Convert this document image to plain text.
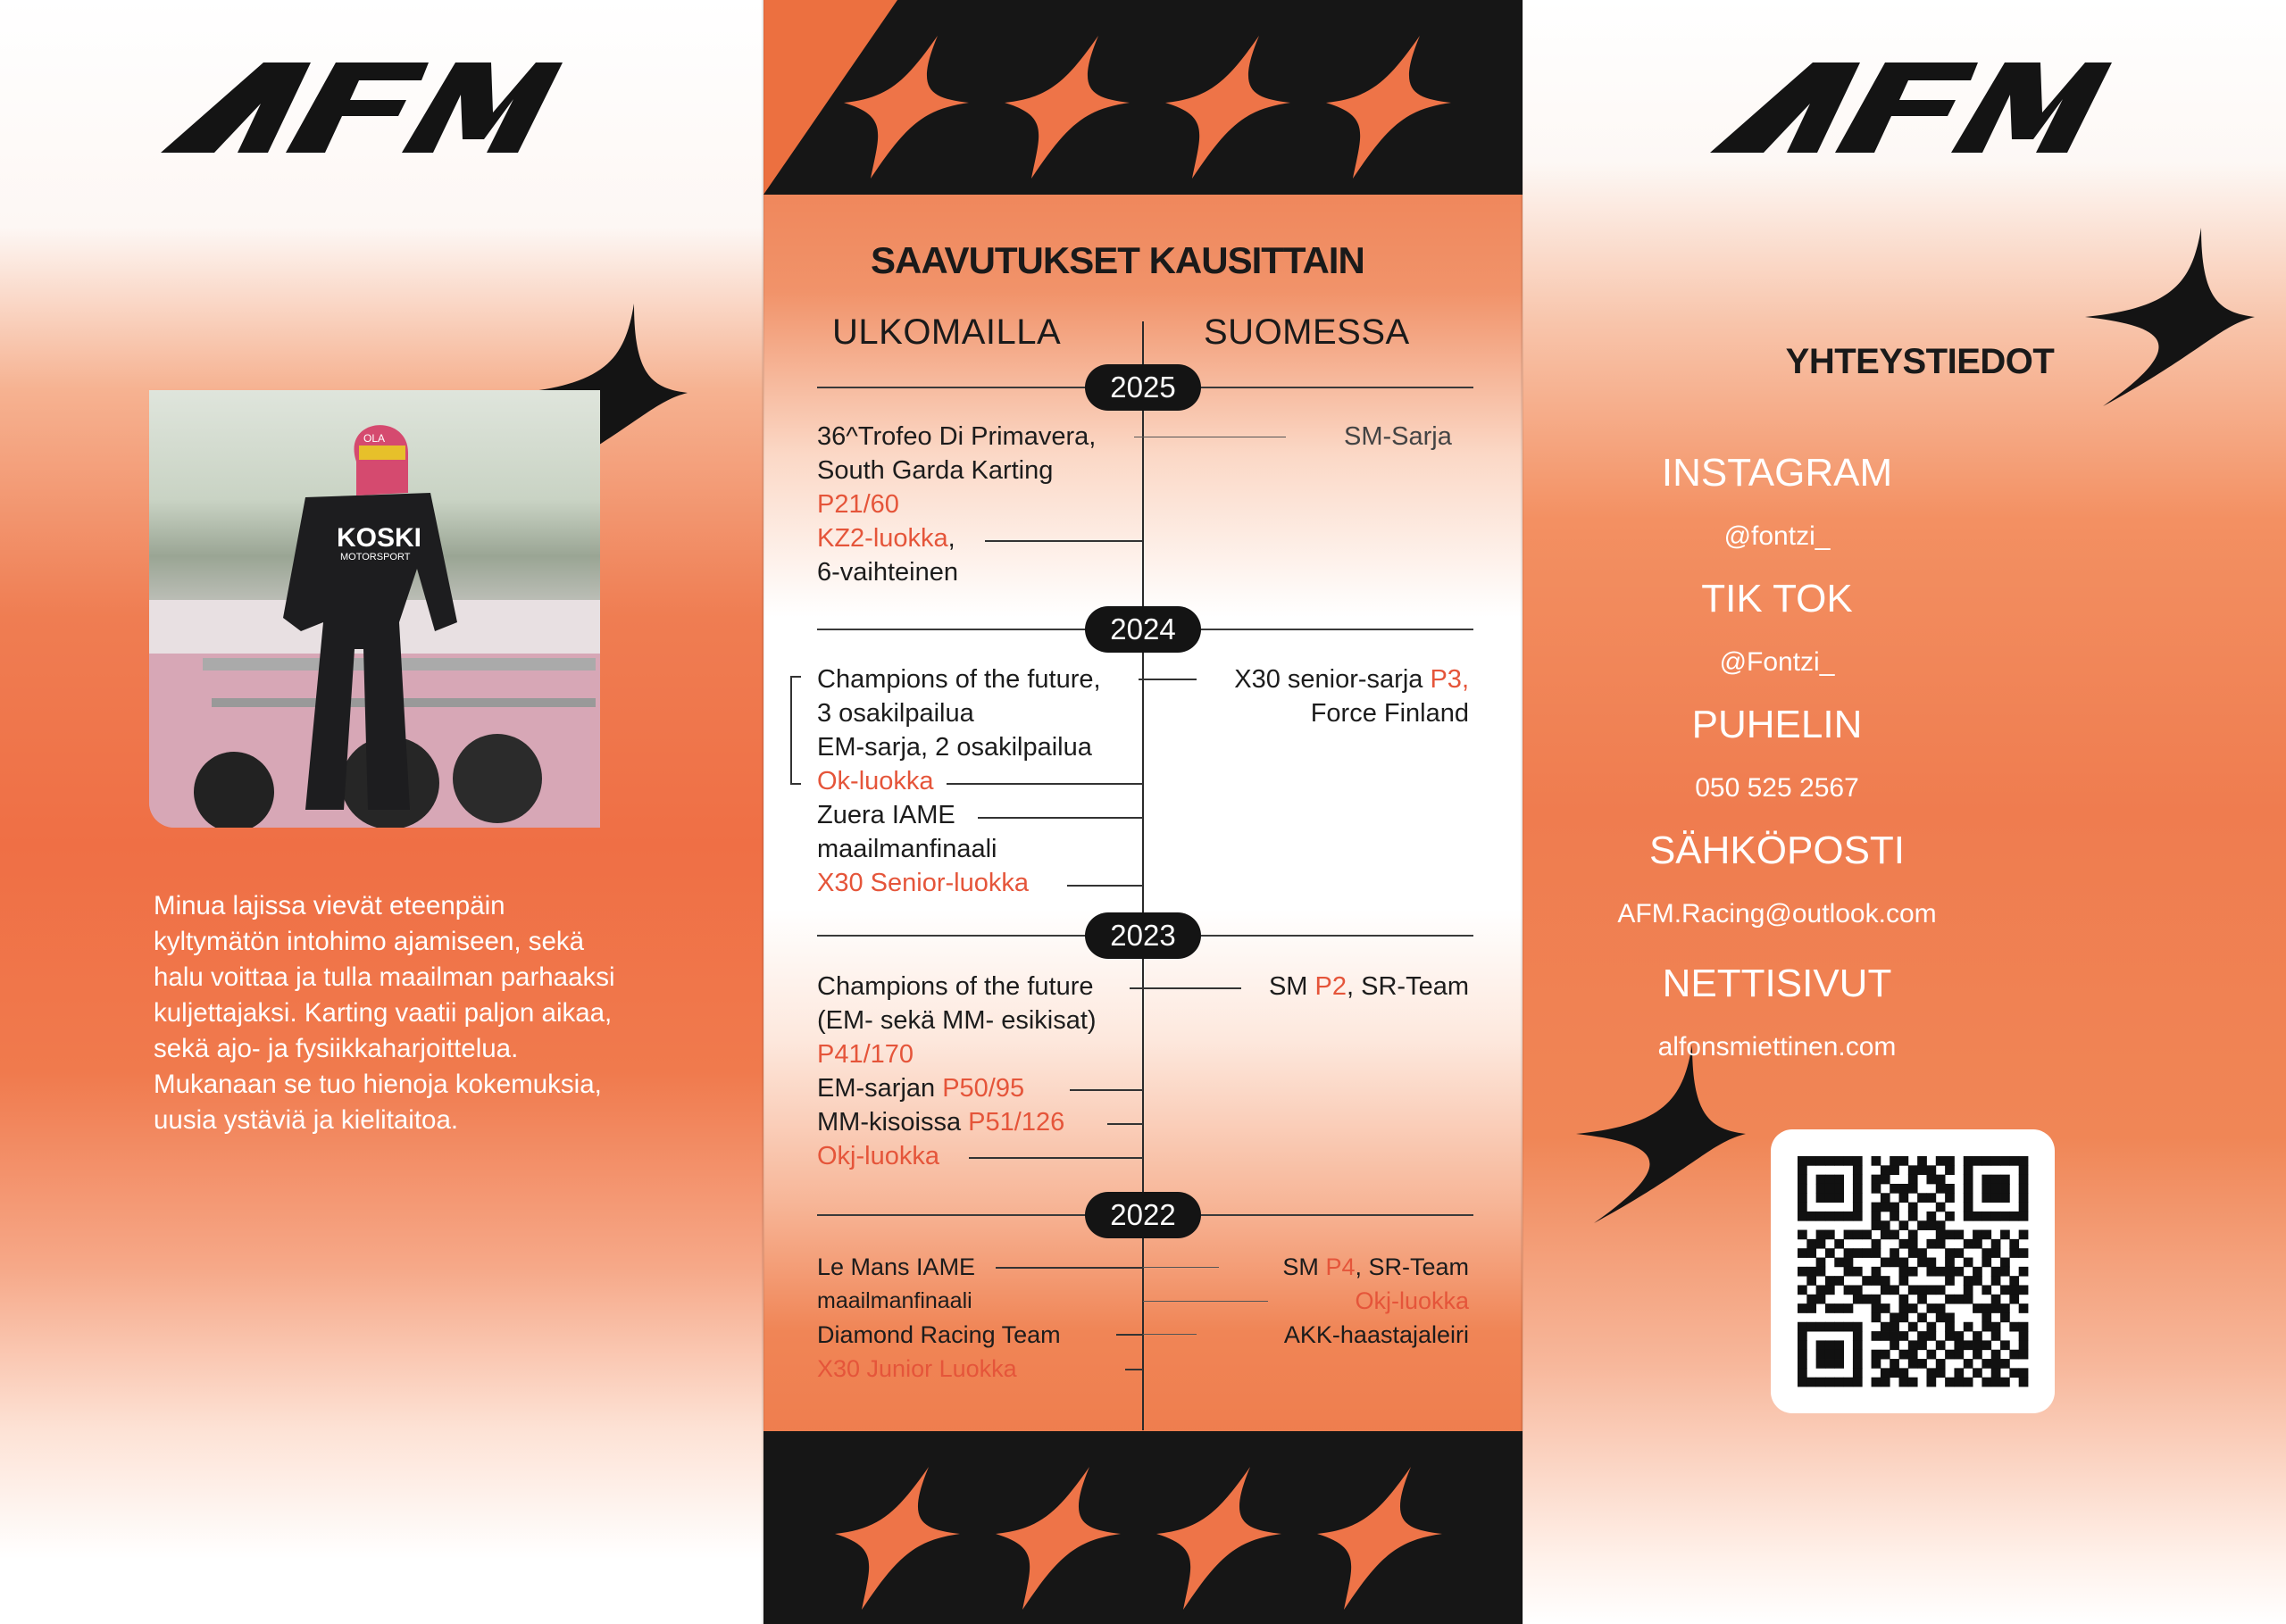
KOSKI
MOTORSPORT
OLA

Minua lajissa vievät eteenpäin kyltymätön intohimo ajamiseen, sekä halu voittaa ja tulla maailman parhaaksi kuljettajaksi. Karting vaatii paljon aikaa, sekä ajo- ja fysiikkaharjoittelua. Mukanaan se tuo hienoja kokemuksia, uusia ystäviä ja kielitaitoa.

SAAVUTUKSET KAUSITTAIN
ULKOMAILLA	SUOMESSA
2025
36^Trofeo Di Primavera,
South Garda Karting
P21/60
KZ2-luokka,
6-vaihteinen
SM-Sarja
2024
Champions of the future,
3 osakilpailua
EM-sarja, 2 osakilpailua
Ok-luokka
Zuera IAME
maailmanfinaali
X30 Senior-luokka
X30 senior-sarja P3,
Force Finland
2023
Champions of the future
(EM- sekä MM- esikisat)
P41/170
EM-sarjan P50/95
MM-kisoissa P51/126
Okj-luokka
SM P2, SR-Team
2022
Le Mans IAME
maailmanfinaali
Diamond Racing Team
X30 Junior Luokka
SM P4, SR-Team
Okj-luokka
AKK-haastajaleiri
YHTEYSTIEDOT
INSTAGRAM
@fontzi_
TIK TOK
@Fontzi_
PUHELIN
050 525 2567
SÄHKÖPOSTI
AFM.Racing@outlook.com
NETTISIVUT
alfonsmiettinen.com
